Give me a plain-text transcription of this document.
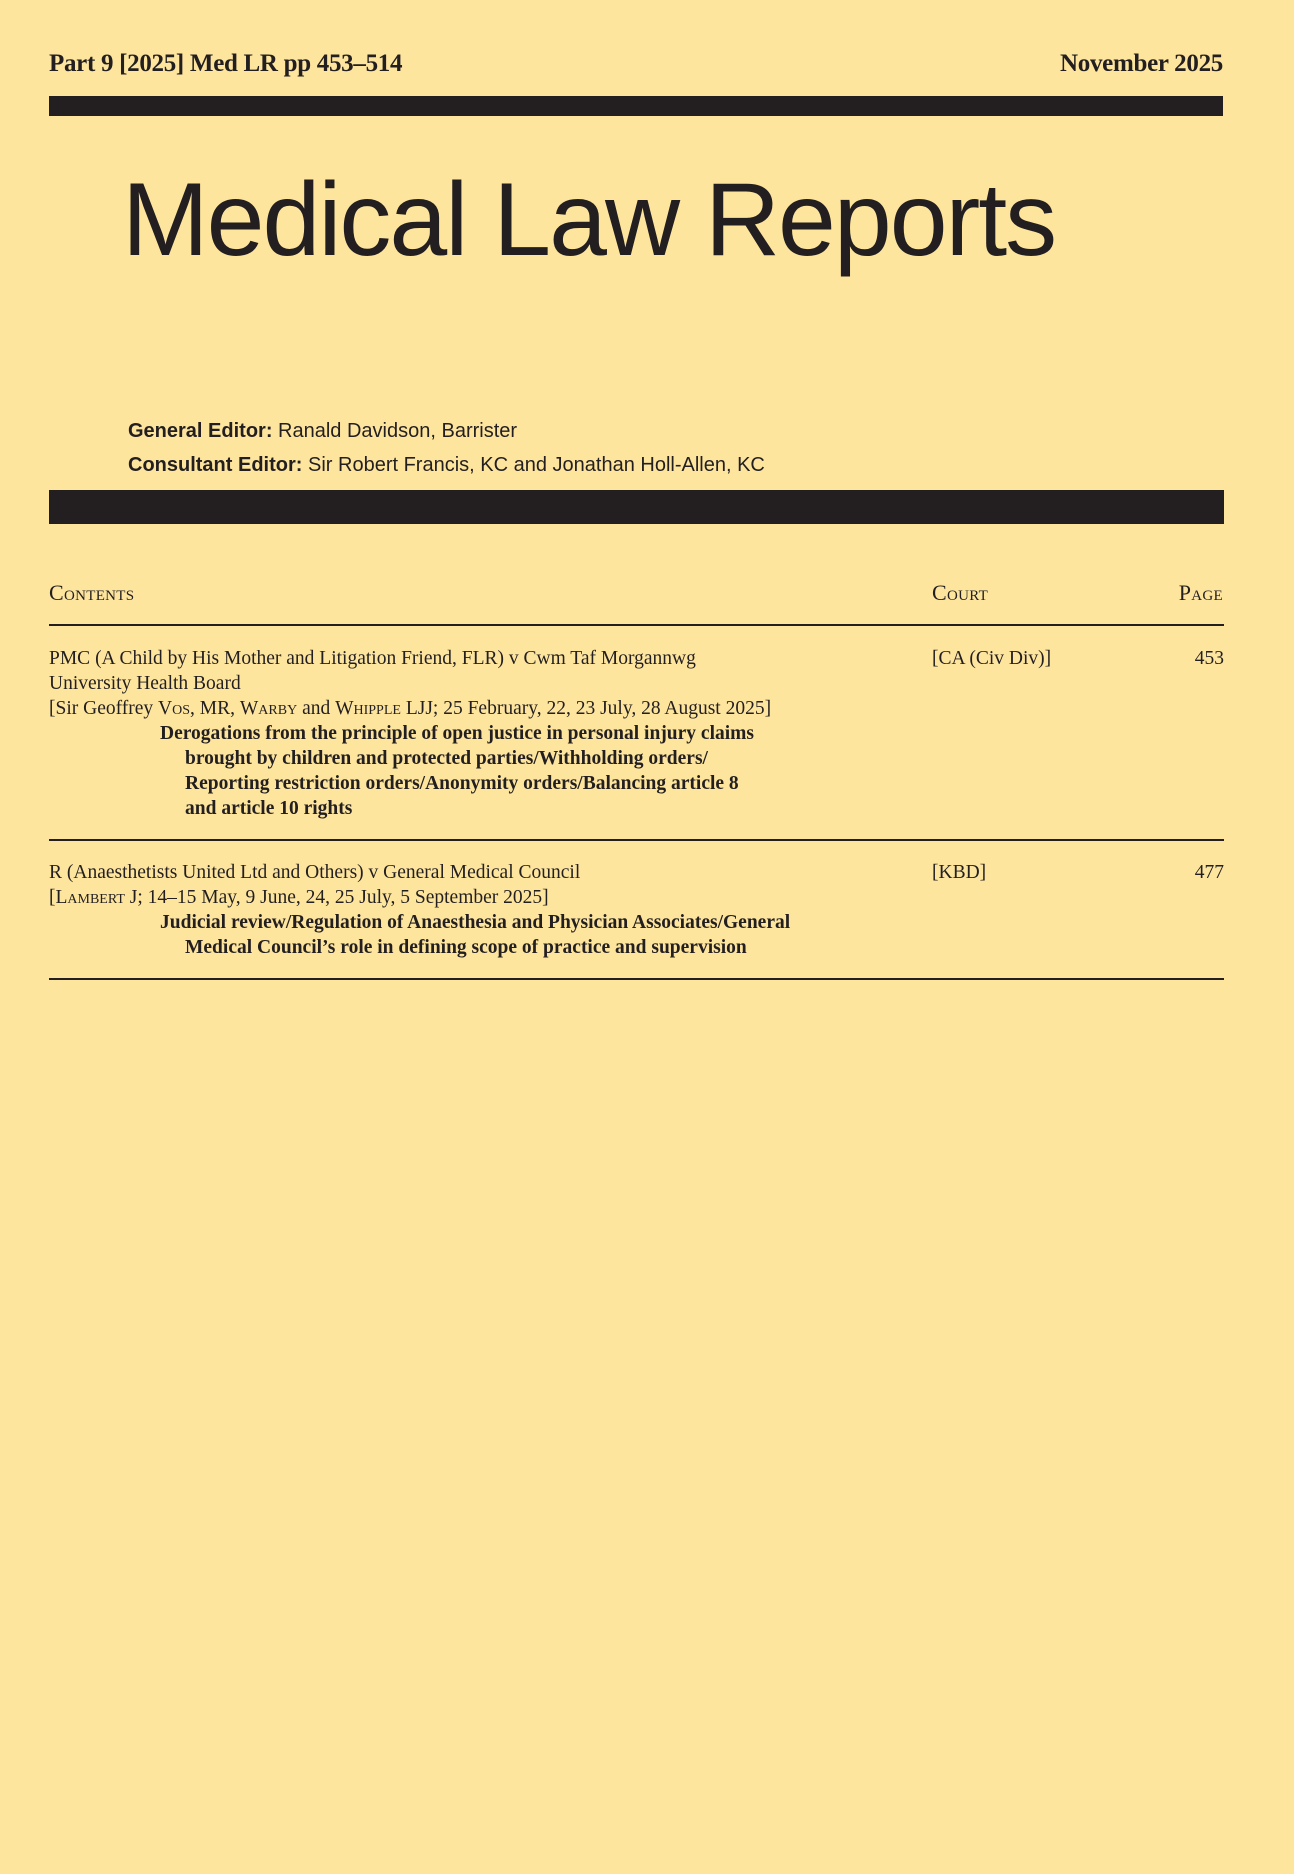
Part 9 [2025] Med LR pp 453–514	November 2025
Medical Law Reports
General Editor: Ranald Davidson, Barrister
Consultant Editor: Sir Robert Francis, KC and Jonathan Holl-Allen, KC
Contents	Court	Page
PMC (A Child by His Mother and Litigation Friend, FLR) v Cwm Taf Morgannwg
University Health Board
[Sir Geoffrey Vos, MR, Warby and Whipple LJJ; 25 February, 22, 23 July, 28 August 2025]
Derogations from the principle of open justice in personal injury claims
brought by children and protected parties/Withholding orders/
Reporting restriction orders/Anonymity orders/Balancing article 8
and article 10 rights
[CA (Civ Div)]	453
R (Anaesthetists United Ltd and Others) v General Medical Council
[Lambert J; 14–15 May, 9 June, 24, 25 July, 5 September 2025]
Judicial review/Regulation of Anaesthesia and Physician Associates/General
Medical Council’s role in defining scope of practice and supervision
[KBD]	477
